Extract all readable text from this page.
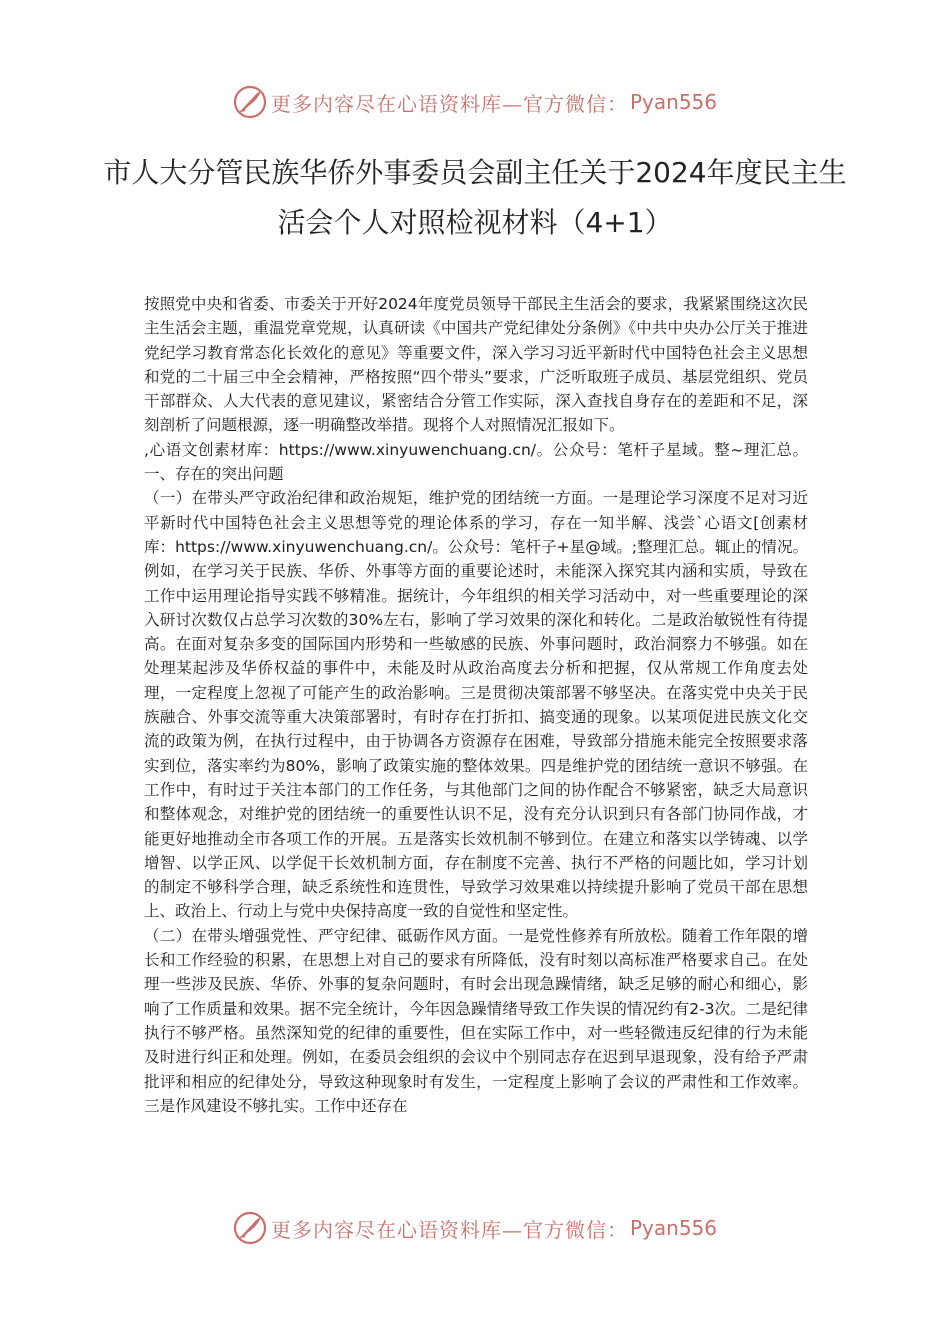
更多内容尽在心语资料库—官方微信： Pyan556
市人大分管民族华侨外事委员会副主任关于2024年度民主生活会个人对照检视材料（4+1）

按照党中央和省委、市委关于开好2024年度党员领导干部民主生活会的要求，我紧紧围绕这次民主生活会主题，重温党章党规，认真研读《中国共产党纪律处分条例》《中共中央办公厅关于推进党纪学习教育常态化长效化的意见》等重要文件，深入学习习近平新时代中国特色社会主义思想和党的二十届三中全会精神，严格按照“四个带头”要求，广泛听取班子成员、基层党组织、党员干部群众、人大代表的意见建议，紧密结合分管工作实际，深入查找自身存在的差距和不足，深刻剖析了问题根源，逐一明确整改举措。现将个人对照情况汇报如下。

,心语文创素材库：https://www.xinyuwenchuang.cn/。公众号：笔杆子星域。整~理汇总。一、存在的突出问题

（一）在带头严守政治纪律和政治规矩，维护党的团结统一方面。一是理论学习深度不足对习近平新时代中国特色社会主义思想等党的理论体系的学习，存在一知半解、浅尝`心语文[创素材库：https://www.xinyuwenchuang.cn/。公众号：笔杆子+星@域。;整理汇总。辄止的情况。例如，在学习关于民族、华侨、外事等方面的重要论述时，未能深入探究其内涵和实质，导致在工作中运用理论指导实践不够精准。据统计，今年组织的相关学习活动中，对一些重要理论的深入研讨次数仅占总学习次数的30%左右，影响了学习效果的深化和转化。二是政治敏锐性有待提高。在面对复杂多变的国际国内形势和一些敏感的民族、外事问题时，政治洞察力不够强。如在处理某起涉及华侨权益的事件中，未能及时从政治高度去分析和把握，仅从常规工作角度去处理，一定程度上忽视了可能产生的政治影响。三是贯彻决策部署不够坚决。在落实党中央关于民族融合、外事交流等重大决策部署时，有时存在打折扣、搞变通的现象。以某项促进民族文化交流的政策为例，在执行过程中，由于协调各方资源存在困难，导致部分措施未能完全按照要求落实到位，落实率约为80%，影响了政策实施的整体效果。四是维护党的团结统一意识不够强。在工作中，有时过于关注本部门的工作任务，与其他部门之间的协作配合不够紧密，缺乏大局意识和整体观念，对维护党的团结统一的重要性认识不足，没有充分认识到只有各部门协同作战，才能更好地推动全市各项工作的开展。五是落实长效机制不够到位。在建立和落实以学铸魂、以学增智、以学正风、以学促干长效机制方面，存在制度不完善、执行不严格的问题比如，学习计划的制定不够科学合理，缺乏系统性和连贯性，导致学习效果难以持续提升影响了党员干部在思想上、政治上、行动上与党中央保持高度一致的自觉性和坚定性。

（二）在带头增强党性、严守纪律、砥砺作风方面。一是党性修养有所放松。随着工作年限的增长和工作经验的积累，在思想上对自己的要求有所降低，没有时刻以高标准严格要求自己。在处理一些涉及民族、华侨、外事的复杂问题时，有时会出现急躁情绪，缺乏足够的耐心和细心，影响了工作质量和效果。据不完全统计，今年因急躁情绪导致工作失误的情况约有2-3次。二是纪律执行不够严格。虽然深知党的纪律的重要性，但在实际工作中，对一些轻微违反纪律的行为未能及时进行纠正和处理。例如，在委员会组织的会议中个别同志存在迟到早退现象，没有给予严肃批评和相应的纪律处分，导致这种现象时有发生，一定程度上影响了会议的严肃性和工作效率。三是作风建设不够扎实。工作中还存在

更多内容尽在心语资料库—官方微信： Pyan556
